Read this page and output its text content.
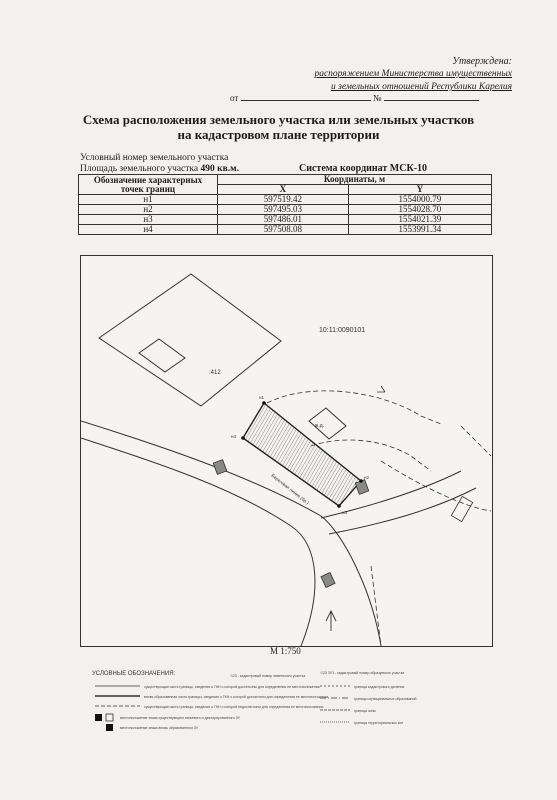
Утверждена:
распоряжением Министерства имущественных
и земельных отношений Республики Карелия
от	№
Схема расположения земельного участка или земельных участков
на кадастровом плане территории
Условный номер земельного участка
Площадь земельного участка 490 кв.м.	Система координат МСК-10
Обозначение характерных точек границ	Координаты, м	
	X	Y
н1	597519.42	1554000.79
н2	597495.03	1554028.70
н3	597486.01	1554021.39
н4	597508.08	1553991.34
10:11:0090101
:412
ж.д.
Береговая линия (бр.)
н1
н2
н3
н4
М 1:750
УСЛОВНЫЕ ОБОЗНАЧЕНИЯ:
существующая часть границы, сведения о ГКН о которой достаточны для определения ее местоположения
вновь образованная часть границы, сведения о ГКН о которой достаточны для определения ее местоположения
существующая часть границы, сведения о ГКН о которой недостаточны для определения ее местоположения
местоположение знака существующего межевого и декларированного ЗУ
местоположение знака вновь образованного ЗУ
:123 - кадастровый номер земельного участка
:123 ЗУ1 - кадастровый номер образуемого участка
граница кадастрового деления
границы муниципальных образований
граница зоны
граница территориальных зон
